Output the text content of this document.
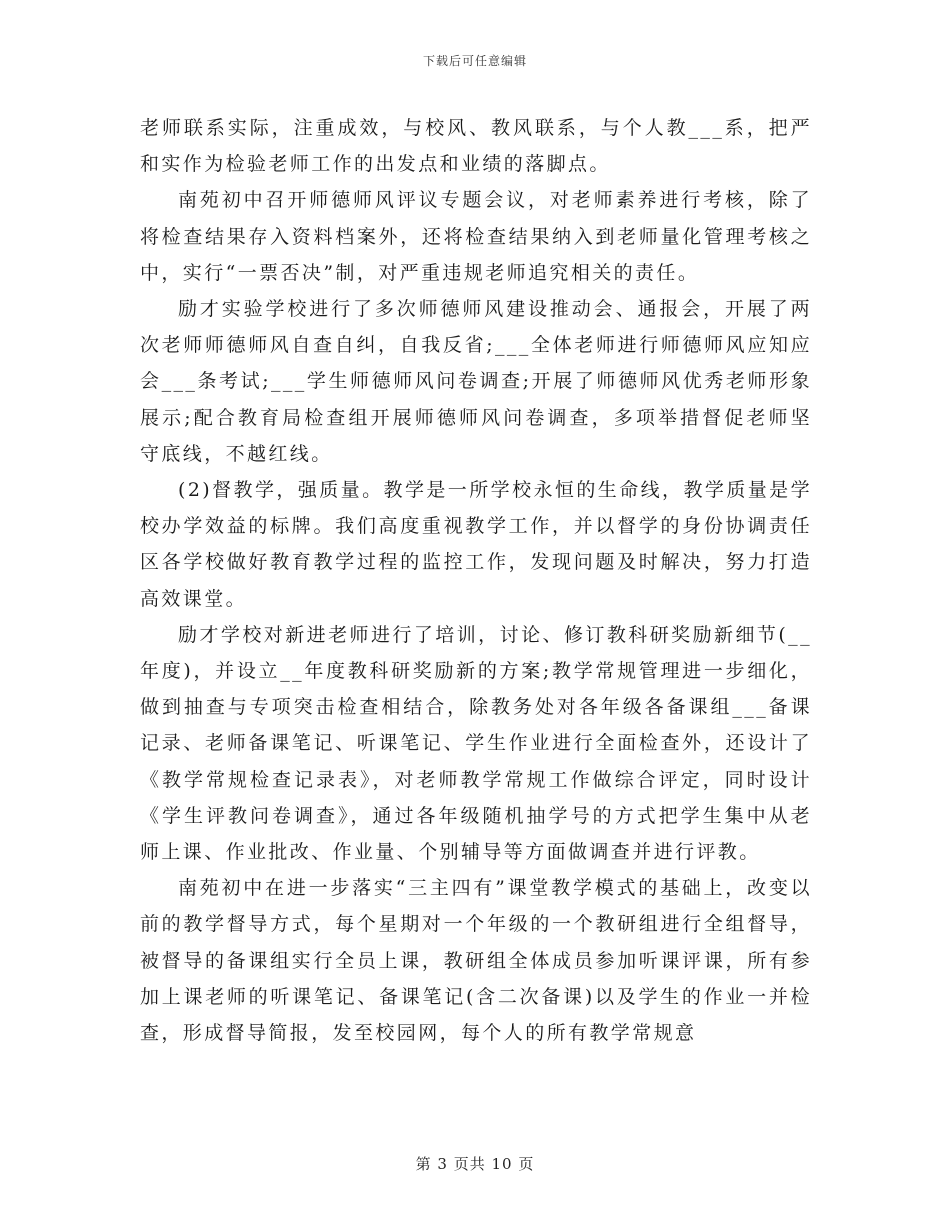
下载后可任意编辑

老师联系实际，注重成效，与校风、教风联系，与个人教___系，把严和实作为检验老师工作的出发点和业绩的落脚点。

南苑初中召开师德师风评议专题会议，对老师素养进行考核，除了将检查结果存入资料档案外，还将检查结果纳入到老师量化管理考核之中，实行“一票否决”制，对严重违规老师追究相关的责任。

励才实验学校进行了多次师德师风建设推动会、通报会，开展了两次老师师德师风自查自纠，自我反省;___全体老师进行师德师风应知应会___条考试;___学生师德师风问卷调查;开展了师德师风优秀老师形象展示;配合教育局检查组开展师德师风问卷调查，多项举措督促老师坚守底线，不越红线。

(2)督教学，强质量。教学是一所学校永恒的生命线，教学质量是学校办学效益的标牌。我们高度重视教学工作，并以督学的身份协调责任区各学校做好教育教学过程的监控工作，发现问题及时解决，努力打造高效课堂。

励才学校对新进老师进行了培训，讨论、修订教科研奖励新细节(__年度)，并设立__年度教科研奖励新的方案;教学常规管理进一步细化，做到抽查与专项突击检查相结合，除教务处对各年级各备课组___备课记录、老师备课笔记、听课笔记、学生作业进行全面检查外，还设计了《教学常规检查记录表》，对老师教学常规工作做综合评定，同时设计《学生评教问卷调查》，通过各年级随机抽学号的方式把学生集中从老师上课、作业批改、作业量、个别辅导等方面做调查并进行评教。

南苑初中在进一步落实“三主四有”课堂教学模式的基础上，改变以前的教学督导方式，每个星期对一个年级的一个教研组进行全组督导，被督导的备课组实行全员上课，教研组全体成员参加听课评课，所有参加上课老师的听课笔记、备课笔记(含二次备课)以及学生的作业一并检查，形成督导简报，发至校园网，每个人的所有教学常规意

第 3 页共 10 页
